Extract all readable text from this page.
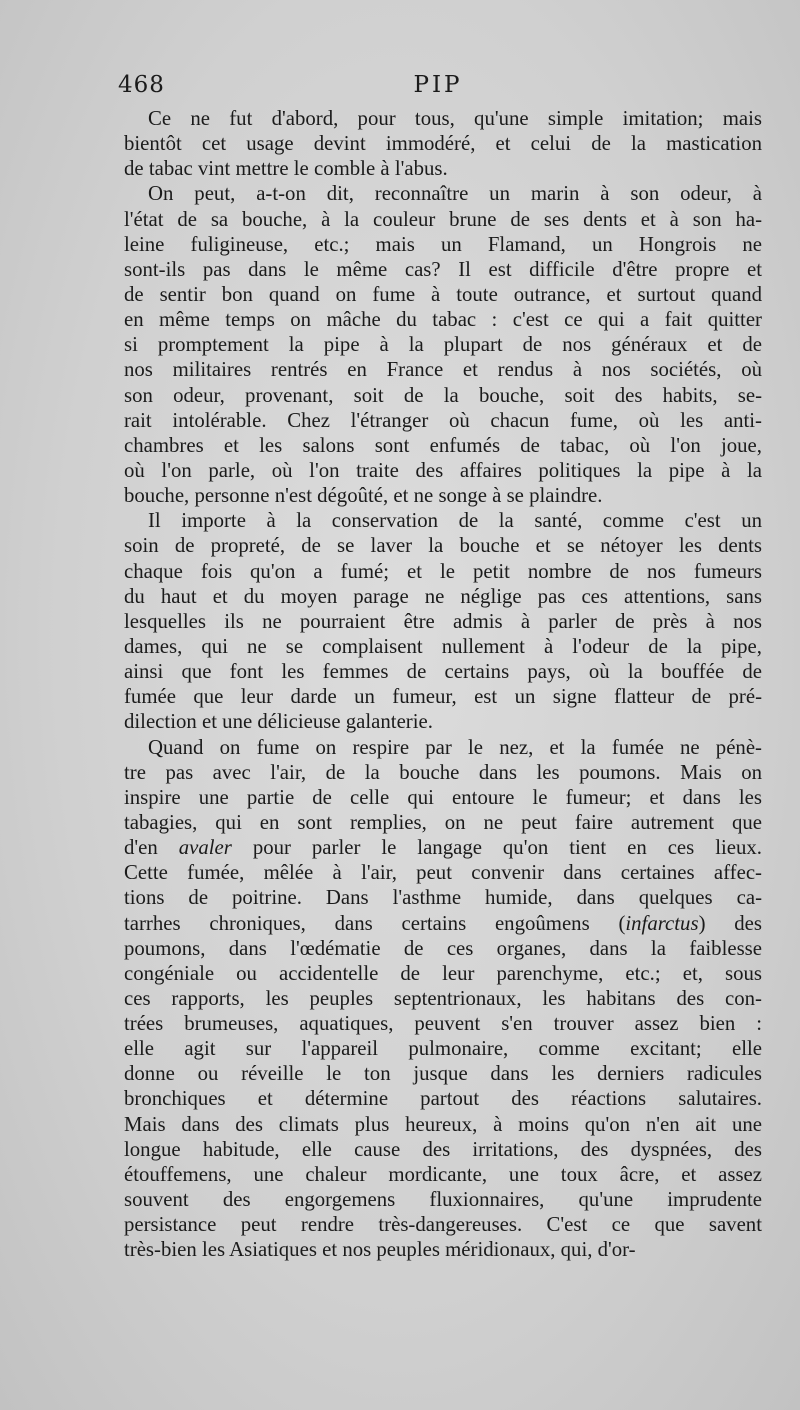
468	PIP
Ce ne fut d'abord, pour tous, qu'une simple imitation; mais
bientôt cet usage devint immodéré, et celui de la mastication
de tabac vint mettre le comble à l'abus.
On peut, a-t-on dit, reconnaître un marin à son odeur, à
l'état de sa bouche, à la couleur brune de ses dents et à son ha-
leine fuligineuse, etc.; mais un Flamand, un Hongrois ne
sont-ils pas dans le même cas? Il est difficile d'être propre et
de sentir bon quand on fume à toute outrance, et surtout quand
en même temps on mâche du tabac : c'est ce qui a fait quitter
si promptement la pipe à la plupart de nos généraux et de
nos militaires rentrés en France et rendus à nos sociétés, où
son odeur, provenant, soit de la bouche, soit des habits, se-
rait intolérable. Chez l'étranger où chacun fume, où les anti-
chambres et les salons sont enfumés de tabac, où l'on joue,
où l'on parle, où l'on traite des affaires politiques la pipe à la
bouche, personne n'est dégoûté, et ne songe à se plaindre.
Il importe à la conservation de la santé, comme c'est un
soin de propreté, de se laver la bouche et se nétoyer les dents
chaque fois qu'on a fumé; et le petit nombre de nos fumeurs
du haut et du moyen parage ne néglige pas ces attentions, sans
lesquelles ils ne pourraient être admis à parler de près à nos
dames, qui ne se complaisent nullement à l'odeur de la pipe,
ainsi que font les femmes de certains pays, où la bouffée de
fumée que leur darde un fumeur, est un signe flatteur de pré-
dilection et une délicieuse galanterie.
Quand on fume on respire par le nez, et la fumée ne pénè-
tre pas avec l'air, de la bouche dans les poumons. Mais on
inspire une partie de celle qui entoure le fumeur; et dans les
tabagies, qui en sont remplies, on ne peut faire autrement que
d'en avaler pour parler le langage qu'on tient en ces lieux.
Cette fumée, mêlée à l'air, peut convenir dans certaines affec-
tions de poitrine. Dans l'asthme humide, dans quelques ca-
tarrhes chroniques, dans certains engoûmens (infarctus) des
poumons, dans l'œdématie de ces organes, dans la faiblesse
congéniale ou accidentelle de leur parenchyme, etc.; et, sous
ces rapports, les peuples septentrionaux, les habitans des con-
trées brumeuses, aquatiques, peuvent s'en trouver assez bien :
elle agit sur l'appareil pulmonaire, comme excitant; elle
donne ou réveille le ton jusque dans les derniers radicules
bronchiques et détermine partout des réactions salutaires.
Mais dans des climats plus heureux, à moins qu'on n'en ait une
longue habitude, elle cause des irritations, des dyspnées, des
étouffemens, une chaleur mordicante, une toux âcre, et assez
souvent des engorgemens fluxionnaires, qu'une imprudente
persistance peut rendre très-dangereuses. C'est ce que savent
très-bien les Asiatiques et nos peuples méridionaux, qui, d'or-
